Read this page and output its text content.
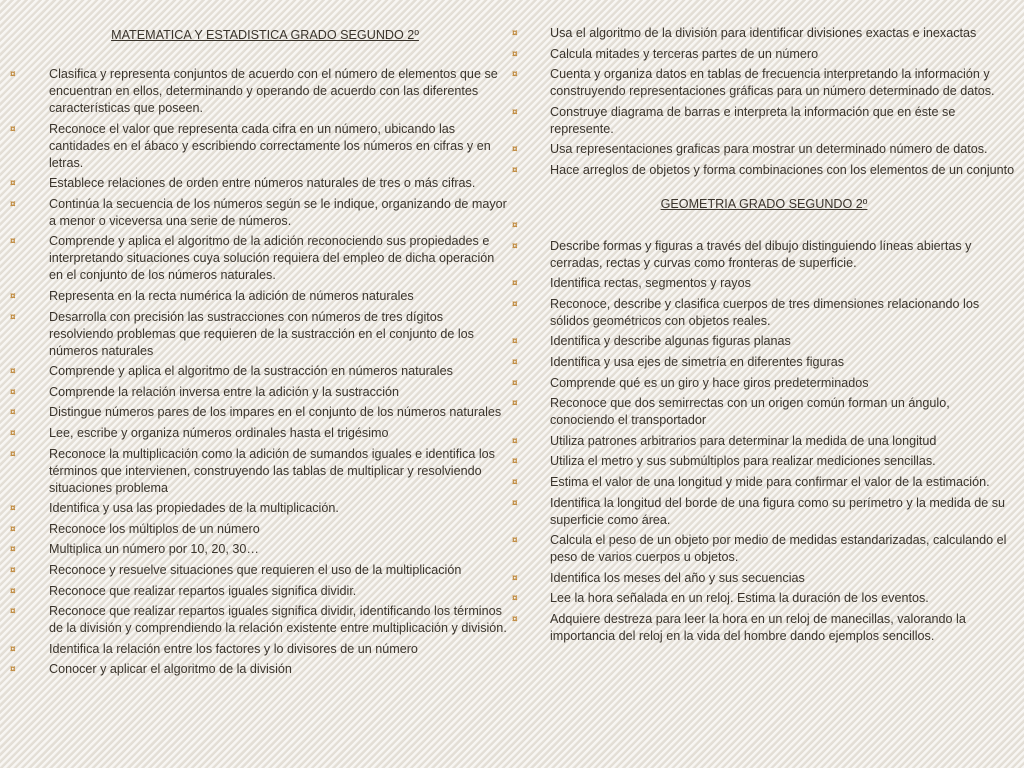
MATEMATICA Y ESTADISTICA GRADO SEGUNDO 2º

¤	Clasifica y representa conjuntos de acuerdo con el número de elementos que se encuentran en ellos, determinando y operando de acuerdo con las diferentes características que poseen.
¤	Reconoce el valor que representa cada cifra en un número, ubicando las cantidades en el ábaco y escribiendo correctamente los números en cifras y en letras.
¤	Establece relaciones de orden entre números naturales de tres o más cifras.
¤	Continúa la secuencia de los números según se le indique, organizando de mayor a menor o viceversa una serie de números.
¤	Comprende y aplica el algoritmo de la adición reconociendo sus propiedades e interpretando situaciones cuya solución requiera del empleo de dicha operación en el conjunto de los números naturales.
¤	Representa en la recta numérica la adición de números naturales
¤	Desarrolla con precisión las sustracciones con números de tres dígitos resolviendo problemas que requieren de la sustracción en el conjunto de los números naturales
¤	Comprende y aplica el algoritmo de la sustracción en números naturales
¤	Comprende la relación inversa entre la adición y la sustracción
¤	Distingue números pares de los impares en el conjunto de los números naturales
¤	Lee, escribe y organiza números ordinales hasta el trigésimo
¤	Reconoce la multiplicación como la adición de sumandos iguales e identifica los términos que intervienen, construyendo las tablas de multiplicar y resolviendo situaciones problema
¤	Identifica y usa las propiedades de la multiplicación.
¤	Reconoce los múltiplos de un número
¤	Multiplica un número por 10, 20, 30…
¤	Reconoce y resuelve situaciones que requieren el uso de la multiplicación
¤	Reconoce que realizar repartos iguales significa dividir.
¤	Reconoce que realizar repartos iguales significa dividir, identificando los términos de la división y comprendiendo la relación existente entre multiplicación y división.
¤	Identifica la relación entre los factores y lo divisores de un número
¤	Conocer y aplicar el algoritmo de la división
¤	Usa el algoritmo de la división para identificar divisiones exactas e inexactas
¤	Calcula mitades y terceras partes de un número
¤	Cuenta y organiza datos en tablas de frecuencia interpretando la información y construyendo representaciones gráficas para un número determinado de datos.
¤	Construye diagrama de barras e interpreta la información que en éste se represente.
¤	Usa representaciones graficas para mostrar un determinado número de datos.
¤	Hace arreglos de objetos y forma combinaciones con los elementos de un conjunto

GEOMETRIA GRADO SEGUNDO 2º

¤
¤	Describe formas y figuras a través del dibujo distinguiendo líneas abiertas y cerradas, rectas y curvas como fronteras de superficie.
¤	Identifica rectas, segmentos y rayos
¤	Reconoce, describe y clasifica cuerpos de tres dimensiones relacionando los sólidos geométricos con objetos reales.
¤	Identifica y describe algunas figuras planas
¤	Identifica y usa ejes de simetría en diferentes figuras
¤	Comprende qué es un giro y hace giros predeterminados
¤	Reconoce que dos semirrectas con un origen común forman un ángulo, conociendo el transportador
¤	Utiliza patrones arbitrarios para determinar la medida de una longitud
¤	Utiliza el metro y sus submúltiplos para realizar mediciones sencillas.
¤	Estima el valor de una longitud y mide para confirmar el valor de la estimación.
¤	Identifica la longitud del borde de una figura como su perímetro y la medida de su superficie como área.
¤	Calcula el peso de un objeto por medio de medidas estandarizadas, calculando el peso de varios cuerpos u objetos.
¤	Identifica los meses del año y sus secuencias
¤	Lee la hora señalada en un reloj. Estima la duración de los eventos.
¤	Adquiere destreza para leer la hora en un reloj de manecillas, valorando la importancia del reloj en la vida del hombre dando ejemplos sencillos.
